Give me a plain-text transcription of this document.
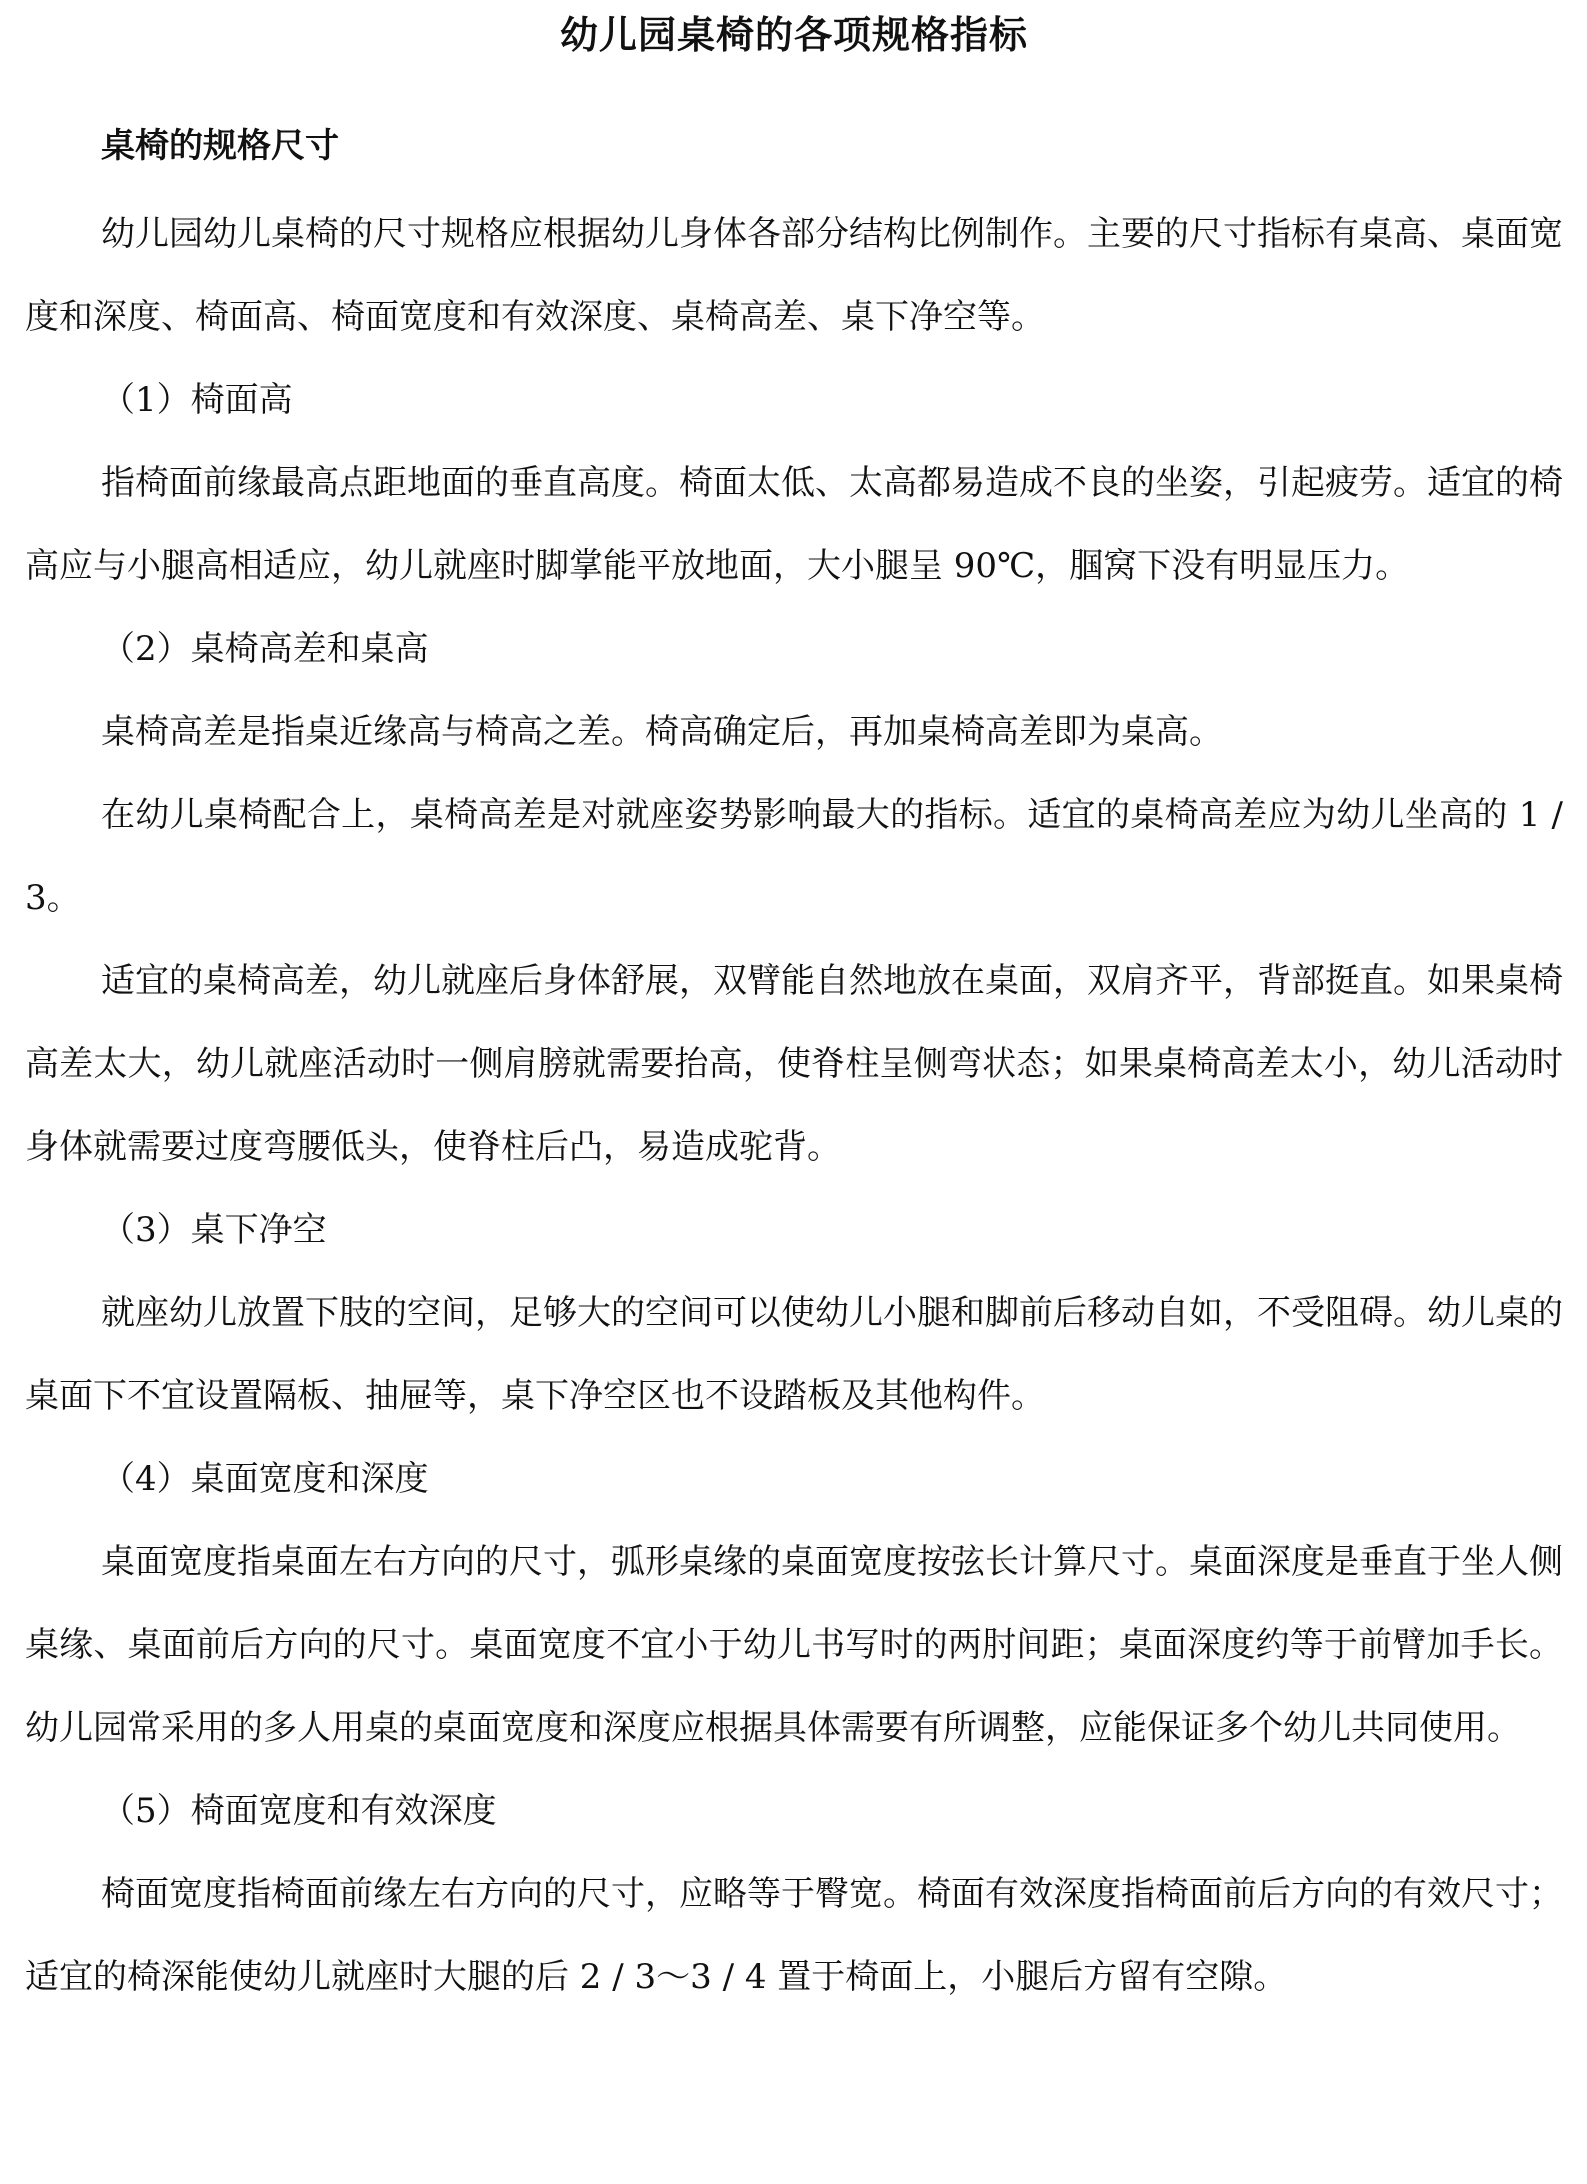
幼儿园桌椅的各项规格指标
桌椅的规格尺寸

幼儿园幼儿桌椅的尺寸规格应根据幼儿身体各部分结构比例制作。主要的尺寸指标有桌高、桌面宽度和深度、椅面高、椅面宽度和有效深度、桌椅高差、桌下净空等。

（1）椅面高

指椅面前缘最高点距地面的垂直高度。椅面太低、太高都易造成不良的坐姿，引起疲劳。适宜的椅高应与小腿高相适应，幼儿就座时脚掌能平放地面，大小腿呈 90℃，腘窝下没有明显压力。

（2）桌椅高差和桌高

桌椅高差是指桌近缘高与椅高之差。椅高确定后，再加桌椅高差即为桌高。

在幼儿桌椅配合上，桌椅高差是对就座姿势影响最大的指标。适宜的桌椅高差应为幼儿坐高的 1 / 3。

适宜的桌椅高差，幼儿就座后身体舒展，双臂能自然地放在桌面，双肩齐平，背部挺直。如果桌椅高差太大，幼儿就座活动时一侧肩膀就需要抬高，使脊柱呈侧弯状态；如果桌椅高差太小，幼儿活动时身体就需要过度弯腰低头，使脊柱后凸，易造成驼背。

（3）桌下净空

就座幼儿放置下肢的空间，足够大的空间可以使幼儿小腿和脚前后移动自如，不受阻碍。幼儿桌的桌面下不宜设置隔板、抽屉等，桌下净空区也不设踏板及其他构件。

（4）桌面宽度和深度

桌面宽度指桌面左右方向的尺寸，弧形桌缘的桌面宽度按弦长计算尺寸。桌面深度是垂直于坐人侧桌缘、桌面前后方向的尺寸。桌面宽度不宜小于幼儿书写时的两肘间距；桌面深度约等于前臂加手长。幼儿园常采用的多人用桌的桌面宽度和深度应根据具体需要有所调整，应能保证多个幼儿共同使用。

（5）椅面宽度和有效深度

椅面宽度指椅面前缘左右方向的尺寸，应略等于臀宽。椅面有效深度指椅面前后方向的有效尺寸；适宜的椅深能使幼儿就座时大腿的后 2 / 3～3 / 4 置于椅面上，小腿后方留有空隙。
